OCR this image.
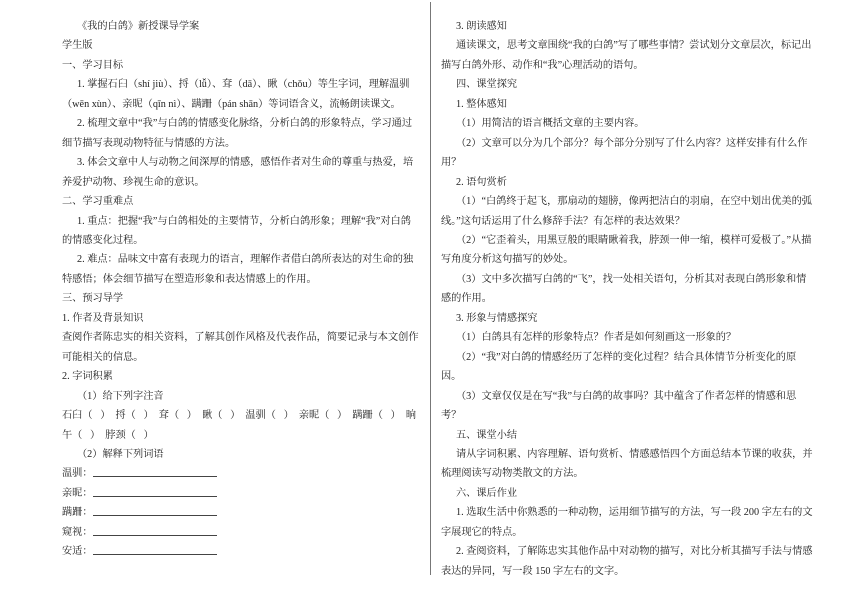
《我的白鸽》新授课导学案

学生版

一、学习目标

1. 掌握石臼（shí jiù）、捋（lǚ）、耷（dā）、瞅（chǒu）等生字词，理解温驯（wēn xùn）、亲昵（qīn nì）、蹒跚（pán shān）等词语含义，流畅朗读课文。

2. 梳理文章中“我”与白鸽的情感变化脉络，分析白鸽的形象特点，学习通过细节描写表现动物特征与情感的方法。

3. 体会文章中人与动物之间深厚的情感，感悟作者对生命的尊重与热爱，培养爱护动物、珍视生命的意识。

二、学习重难点

1. 重点：把握“我”与白鸽相处的主要情节，分析白鸽形象；理解“我”对白鸽的情感变化过程。

2. 难点：品味文中富有表现力的语言，理解作者借白鸽所表达的对生命的独特感悟；体会细节描写在塑造形象和表达情感上的作用。

三、预习导学

1. 作者及背景知识

查阅作者陈忠实的相关资料，了解其创作风格及代表作品，简要记录与本文创作可能相关的信息。

2. 字词积累

（1）给下列字注音

石臼（   ）  捋（   ）  耷（   ）  瞅（   ）  温驯（   ）  亲昵（   ）  蹒跚（   ）  晌午（   ）  脖颈（   ）

（2）解释下列词语

温驯：
亲昵：
蹒跚：
窥视：
安适：

3. 朗读感知

通读课文，思考文章围绕“我的白鸽”写了哪些事情？尝试划分文章层次，标记出描写白鸽外形、动作和“我”心理活动的语句。

四、课堂探究

1. 整体感知

（1）用简洁的语言概括文章的主要内容。

（2）文章可以分为几个部分？每个部分分别写了什么内容？这样安排有什么作用？

2. 语句赏析

（1）“白鸽终于起飞，那扇动的翅膀，像两把洁白的羽扇，在空中划出优美的弧线。”这句话运用了什么修辞手法？有怎样的表达效果？

（2）“它歪着头，用黑豆般的眼睛瞅着我，脖颈一伸一缩，模样可爱极了。”从描写角度分析这句描写的妙处。

（3）文中多次描写白鸽的“飞”，找一处相关语句，分析其对表现白鸽形象和情感的作用。

3. 形象与情感探究

（1）白鸽具有怎样的形象特点？作者是如何刻画这一形象的？

（2）“我”对白鸽的情感经历了怎样的变化过程？结合具体情节分析变化的原因。

（3）文章仅仅是在写“我”与白鸽的故事吗？其中蕴含了作者怎样的情感和思考？

五、课堂小结

请从字词积累、内容理解、语句赏析、情感感悟四个方面总结本节课的收获，并梳理阅读写动物类散文的方法。

六、课后作业

1. 选取生活中你熟悉的一种动物，运用细节描写的方法，写一段 200 字左右的文字展现它的特点。

2. 查阅资料，了解陈忠实其他作品中对动物的描写，对比分析其描写手法与情感表达的异同，写一段 150 字左右的文字。
